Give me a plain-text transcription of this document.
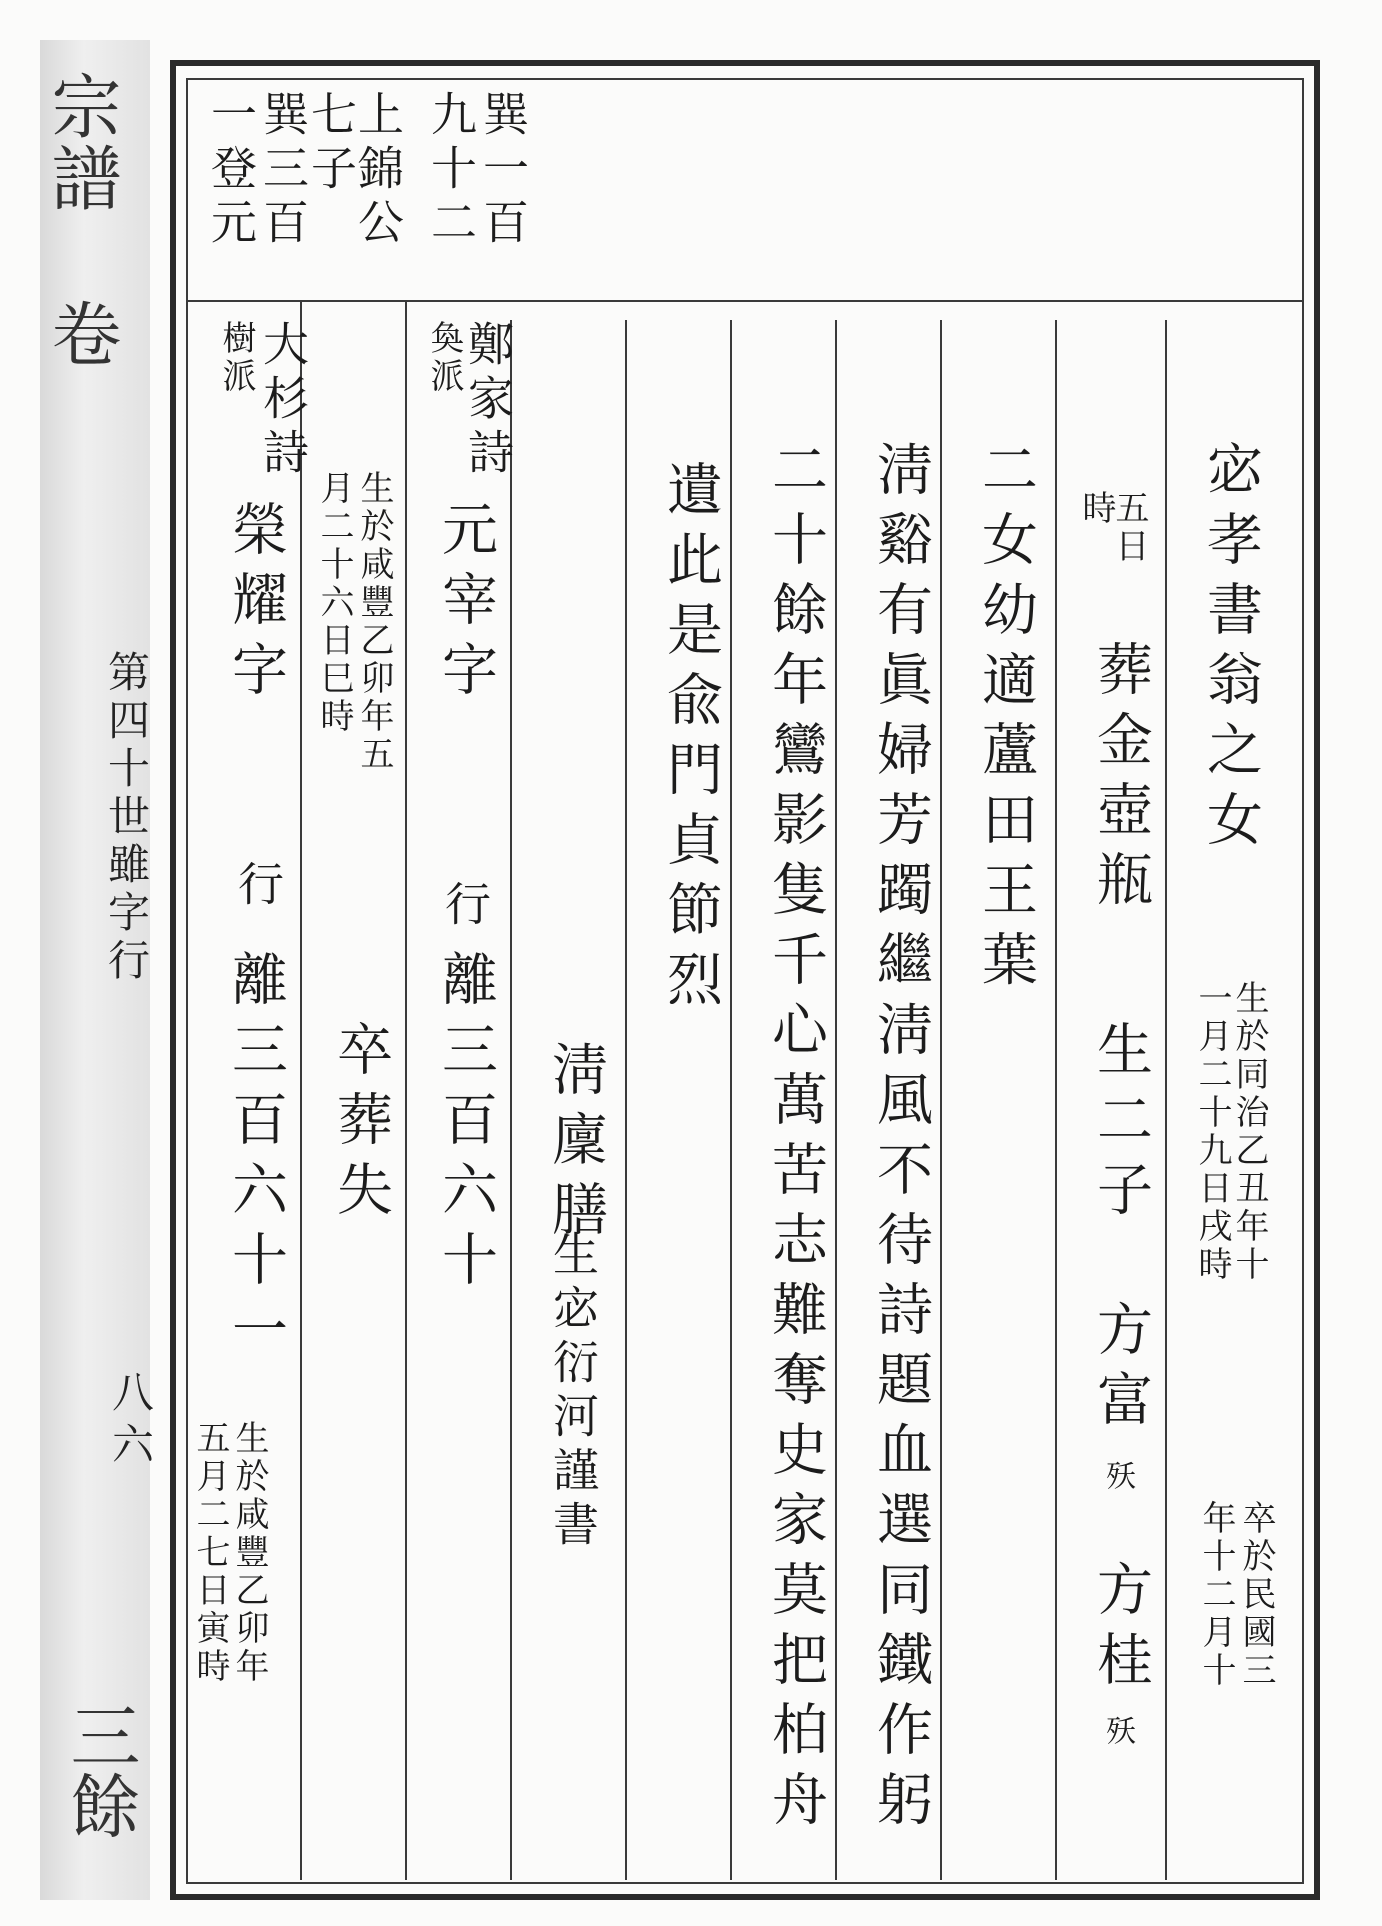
宗譜 卷
第四十世雖字行
八六
三餘
巽一百
九十二
上錦公
七子
巽三百
一登元
宓孝書翁之女
生於同治乙丑年十
一月二十九日戌時
卒於民國三
年十二月十
五日
時
葬金壺瓶
生二子
方富
殀
方桂
殀
二女幼適蘆田王葉
淸谿有眞婦芳躅繼淸風不待詩題血選同鐵作躬
二十餘年鸞影隻千心萬苦志難奪史家莫把柏舟
遺此是兪門貞節烈
淸廩膳
生宓衍河謹書
鄭家詩
奐派
元宰字
行
離三百六十
大杉詩
樹派
榮耀字 生於咸豐乙卯年五
月二十六日巳時
行
離三百六十一 卒葬失
生於咸豐乙卯年
五月二七日寅時
